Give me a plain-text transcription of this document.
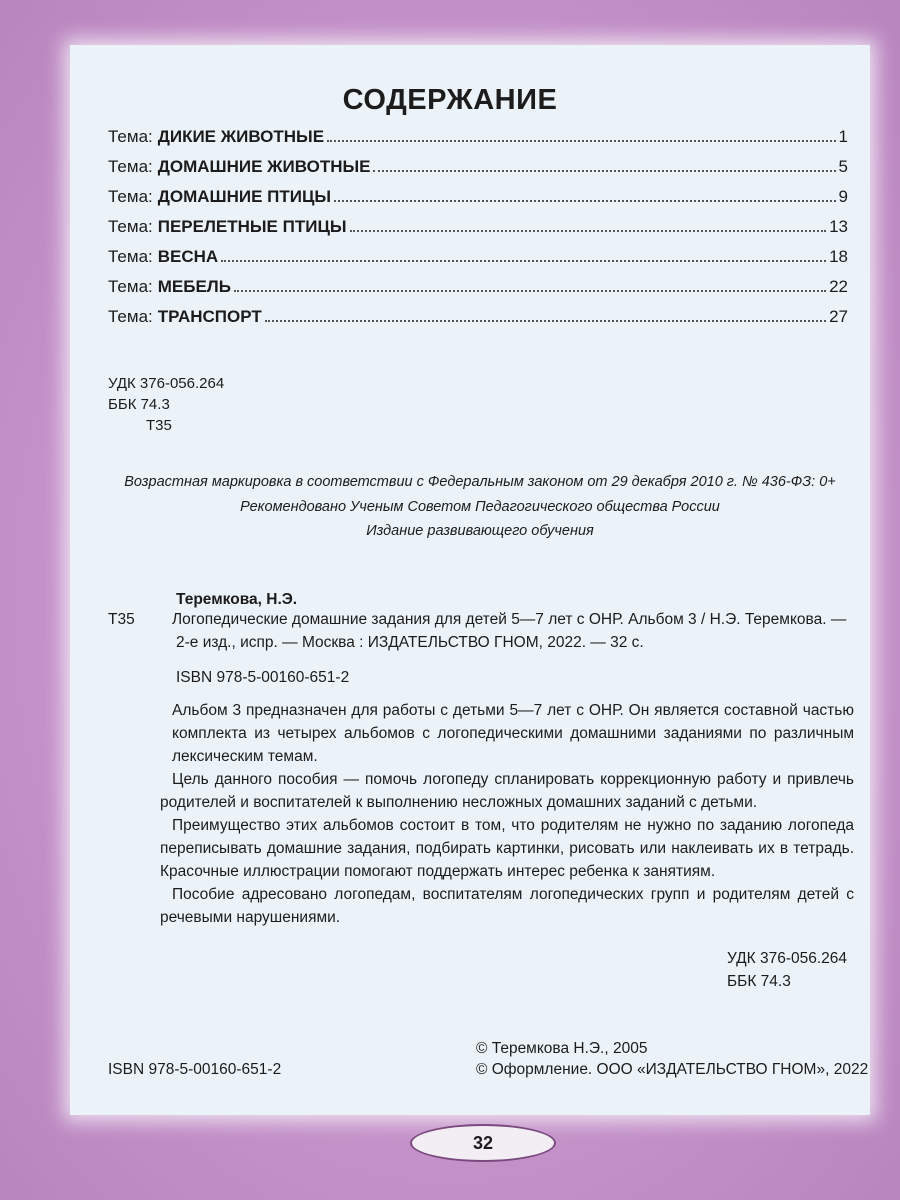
СОДЕРЖАНИЕ
Тема: ДИКИЕ ЖИВОТНЫЕ	1
Тема: ДОМАШНИЕ ЖИВОТНЫЕ	5
Тема: ДОМАШНИЕ ПТИЦЫ	9
Тема: ПЕРЕЛЕТНЫЕ ПТИЦЫ	13
Тема: ВЕСНА	18
Тема: МЕБЕЛЬ	22
Тема: ТРАНСПОРТ	27
УДК 376-056.264
ББК 74.3
Т35
Возрастная маркировка в соответствии с Федеральным законом от 29 декабря 2010 г. № 436-ФЗ: 0+
Рекомендовано Ученым Советом Педагогического общества России
Издание развивающего обучения
Теремкова, Н.Э.
Т35 Логопедические домашние задания для детей 5—7 лет с ОНР. Альбом 3 / Н.Э. Теремкова. —
2-е изд., испр. — Москва : ИЗДАТЕЛЬСТВО ГНОМ, 2022. — 32 с.
ISBN 978-5-00160-651-2
Альбом 3 предназначен для работы с детьми 5—7 лет с ОНР. Он является составной частью комплекта из четырех альбомов с логопедическими домашними заданиями по различным лексическим темам.
Цель данного пособия — помочь логопеду спланировать коррекционную работу и привлечь родителей и воспитателей к выполнению несложных домашних заданий с детьми.
Преимущество этих альбомов состоит в том, что родителям не нужно по заданию логопеда переписывать домашние задания, подбирать картинки, рисовать или наклеивать их в тетрадь. Красочные иллюстрации помогают поддержать интерес ребенка к занятиям.
Пособие адресовано логопедам, воспитателям логопедических групп и родителям детей с речевыми нарушениями.
УДК 376-056.264
ББК 74.3
© Теремкова Н.Э., 2005
© Оформление. ООО «ИЗДАТЕЛЬСТВО ГНОМ», 2022
ISBN 978-5-00160-651-2
32
